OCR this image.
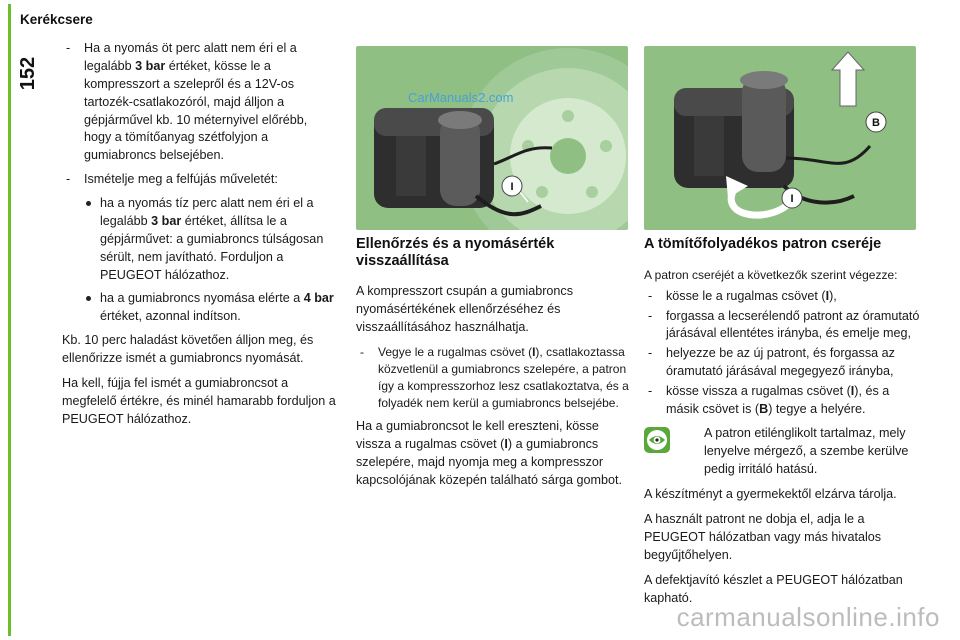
152
Kerékcsere
- Ha a nyomás öt perc alatt nem éri el a legalább 3 bar értéket, kösse le a kompresszort a szelepről és a 12V-os tartozék-csatlakozóról, majd álljon a gépjárművel kb. 10 méternyivel előrébb, hogy a tömítőanyag szétfolyjon a gumiabroncs belsejében.
- Ismételje meg a felfújás műveletét:
ha a nyomás tíz perc alatt nem éri el a legalább 3 bar értéket, állítsa le a gépjárművet: a gumiabroncs túlságosan sérült, nem javítható. Forduljon a PEUGEOT hálózathoz.
ha a gumiabroncs nyomása elérte a 4 bar értéket, azonnal indítson.

Kb. 10 perc haladást követően álljon meg, és ellenőrizze ismét a gumiabroncs nyomását.

Ha kell, fújja fel ismét a gumiabroncsot a megfelelő értékre, és minél hamarabb forduljon a PEUGEOT hálózathoz.

I
CarManuals2.com
B
I
Ellenőrzés és a nyomásérték visszaállítása

A kompresszort csupán a gumiabroncs nyomásértékének ellenőrzéséhez és visszaállításához használhatja.

- Vegye le a rugalmas csövet (I), csatlakoztassa közvetlenül a gumiabroncs szelepére, a patron így a kompresszorhoz lesz csatlakoztatva, és a folyadék nem kerül a gumiabroncs belsejébe.

Ha a gumiabroncsot le kell ereszteni, kösse vissza a rugalmas csövet (I) a gumiabroncs szelepére, majd nyomja meg a kompresszor kapcsolójának közepén található sárga gombot.

A tömítőfolyadékos patron cseréje

A patron cseréjét a következők szerint végezze:

- kösse le a rugalmas csövet (I),
- forgassa a lecserélendő patront az óramutató járásával ellentétes irányba, és emelje meg,
- helyezze be az új patront, és forgassa az óramutató járásával megegyező irányba,
- kösse vissza a rugalmas csövet (I), és a másik csövet is (B) tegye a helyére.
A patron etilénglikolt tartalmaz, mely lenyelve mérgező, a szembe kerülve pedig irritáló hatású.

A készítményt a gyermekektől elzárva tárolja.

A használt patront ne dobja el, adja le a PEUGEOT hálózatban vagy más hivatalos begyűjtőhelyen.

A defektjavító készlet a PEUGEOT hálózatban kapható.

carmanualsonline.info
